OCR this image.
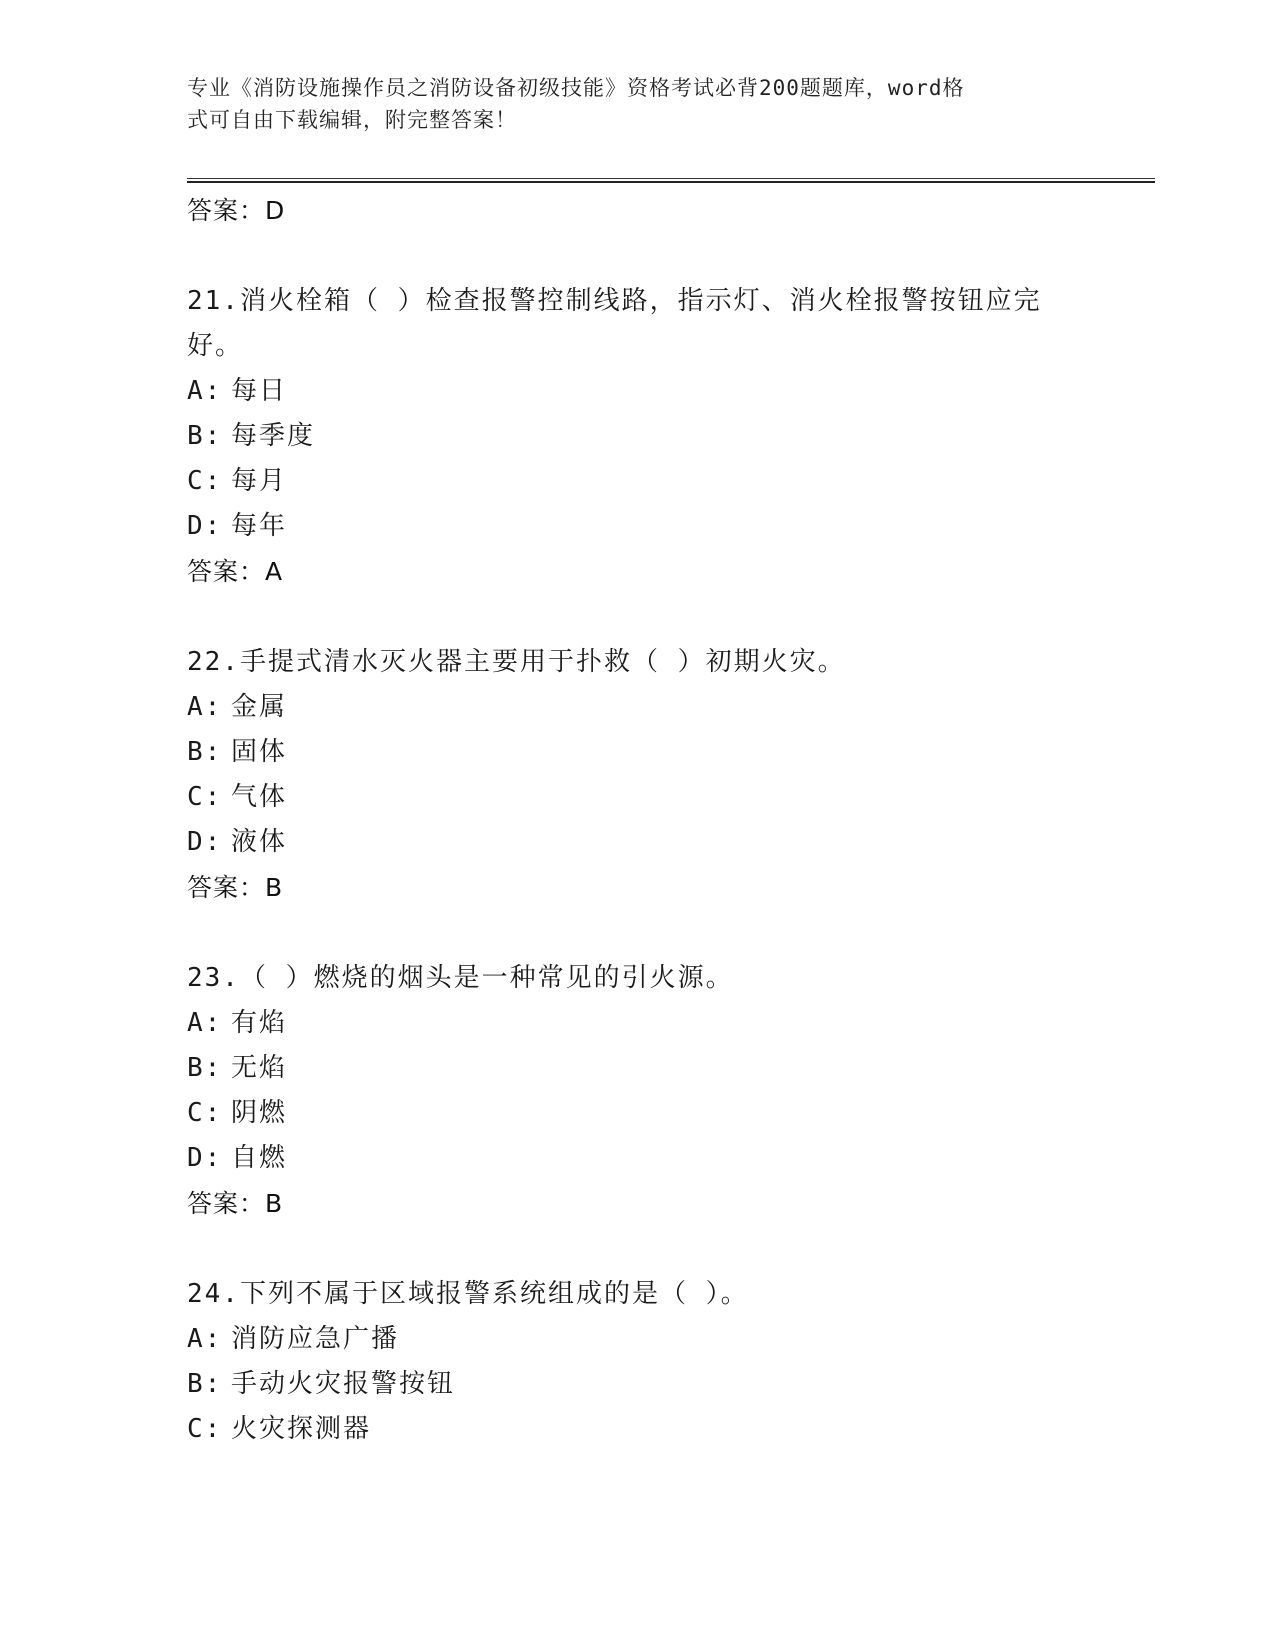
专业《消防设施操作员之消防设备初级技能》资格考试必背200题题库，word格
式可自由下载编辑，附完整答案！
答案：D
21.消火栓箱（ ）检查报警控制线路，指示灯、消火栓报警按钮应完
好。
A: 每日
B: 每季度
C: 每月
D: 每年
答案：A
22.手提式清水灭火器主要用于扑救（ ）初期火灾。
A: 金属
B: 固体
C: 气体
D: 液体
答案：B
23.（ ）燃烧的烟头是一种常见的引火源。
A: 有焰
B: 无焰
C: 阴燃
D: 自燃
答案：B
24.下列不属于区域报警系统组成的是（ ）。
A: 消防应急广播
B: 手动火灾报警按钮
C: 火灾探测器
